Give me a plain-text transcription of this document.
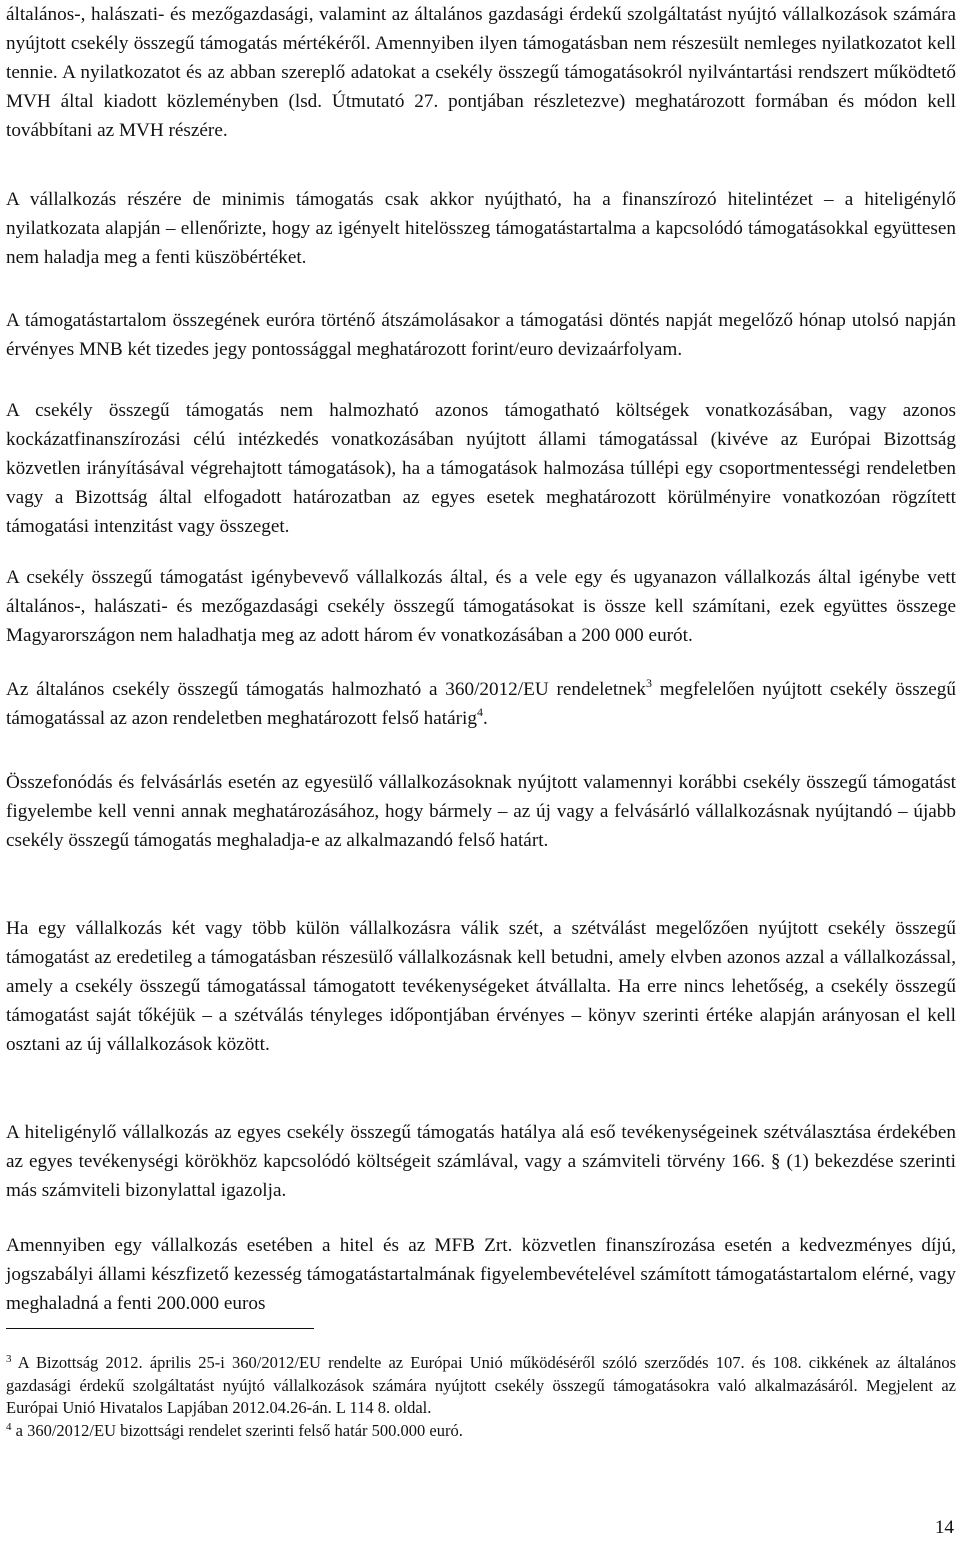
általános-, halászati- és mezőgazdasági, valamint az általános gazdasági érdekű szolgáltatást nyújtó vállalkozások számára nyújtott csekély összegű támogatás mértékéről. Amennyiben ilyen támogatásban nem részesült nemleges nyilatkozatot kell tennie. A nyilatkozatot és az abban szereplő adatokat a csekély összegű támogatásokról nyilvántartási rendszert működtető MVH által kiadott közleményben (lsd. Útmutató 27. pontjában részletezve) meghatározott formában és módon kell továbbítani az MVH részére.

A vállalkozás részére de minimis támogatás csak akkor nyújtható, ha a finanszírozó hitelintézet – a hiteligénylő nyilatkozata alapján – ellenőrizte, hogy az igényelt hitelösszeg támogatástartalma a kapcsolódó támogatásokkal együttesen nem haladja meg a fenti küszöbértéket.

A támogatástartalom összegének euróra történő átszámolásakor a támogatási döntés napját megelőző hónap utolsó napján érvényes MNB két tizedes jegy pontossággal meghatározott forint/euro devizaárfolyam.

A csekély összegű támogatás nem halmozható azonos támogatható költségek vonatkozásában, vagy azonos kockázatfinanszírozási célú intézkedés vonatkozásában nyújtott állami támogatással (kivéve az Európai Bizottság közvetlen irányításával végrehajtott támogatások), ha a támogatások halmozása túllépi egy csoportmentességi rendeletben vagy a Bizottság által elfogadott határozatban az egyes esetek meghatározott körülményire vonatkozóan rögzített támogatási intenzitást vagy összeget.

A csekély összegű támogatást igénybevevő vállalkozás által, és a vele egy és ugyanazon vállalkozás által igénybe vett általános-, halászati- és mezőgazdasági csekély összegű támogatásokat is össze kell számítani, ezek együttes összege Magyarországon nem haladhatja meg az adott három év vonatkozásában a 200 000 eurót.

Az általános csekély összegű támogatás halmozható a 360/2012/EU rendeletnek$^3$ megfelelően nyújtott csekély összegű támogatással az azon rendeletben meghatározott felső határig$^4$.

Összefonódás és felvásárlás esetén az egyesülő vállalkozásoknak nyújtott valamennyi korábbi csekély összegű támogatást figyelembe kell venni annak meghatározásához, hogy bármely – az új vagy a felvásárló vállalkozásnak nyújtandó – újabb csekély összegű támogatás meghaladja-e az alkalmazandó felső határt.

Ha egy vállalkozás két vagy több külön vállalkozásra válik szét, a szétválást megelőzően nyújtott csekély összegű támogatást az eredetileg a támogatásban részesülő vállalkozásnak kell betudni, amely elvben azonos azzal a vállalkozással, amely a csekély összegű támogatással támogatott tevékenységeket átvállalta. Ha erre nincs lehetőség, a csekély összegű támogatást saját tőkéjük – a szétválás tényleges időpontjában érvényes – könyv szerinti értéke alapján arányosan el kell osztani az új vállalkozások között.

A hiteligénylő vállalkozás az egyes csekély összegű támogatás hatálya alá eső tevékenységeinek szétválasztása érdekében az egyes tevékenységi körökhöz kapcsolódó költségeit számlával, vagy a számviteli törvény 166. § (1) bekezdése szerinti más számviteli bizonylattal igazolja.

Amennyiben egy vállalkozás esetében a hitel és az MFB Zrt. közvetlen finanszírozása esetén a kedvezményes díjú, jogszabályi állami készfizető kezesség támogatástartalmának figyelembevételével számított támogatástartalom elérné, vagy meghaladná a fenti 200.000 euros

$^3$ A Bizottság 2012. április 25-i 360/2012/EU rendelte az Európai Unió működéséről szóló szerződés 107. és 108. cikkének az általános gazdasági érdekű szolgáltatást nyújtó vállalkozások számára nyújtott csekély összegű támogatásokra való alkalmazásáról. Megjelent az Európai Unió Hivatalos Lapjában 2012.04.26-án. L 114 8. oldal.

$^4$ a 360/2012/EU bizottsági rendelet szerinti felső határ 500.000 euró.

14
